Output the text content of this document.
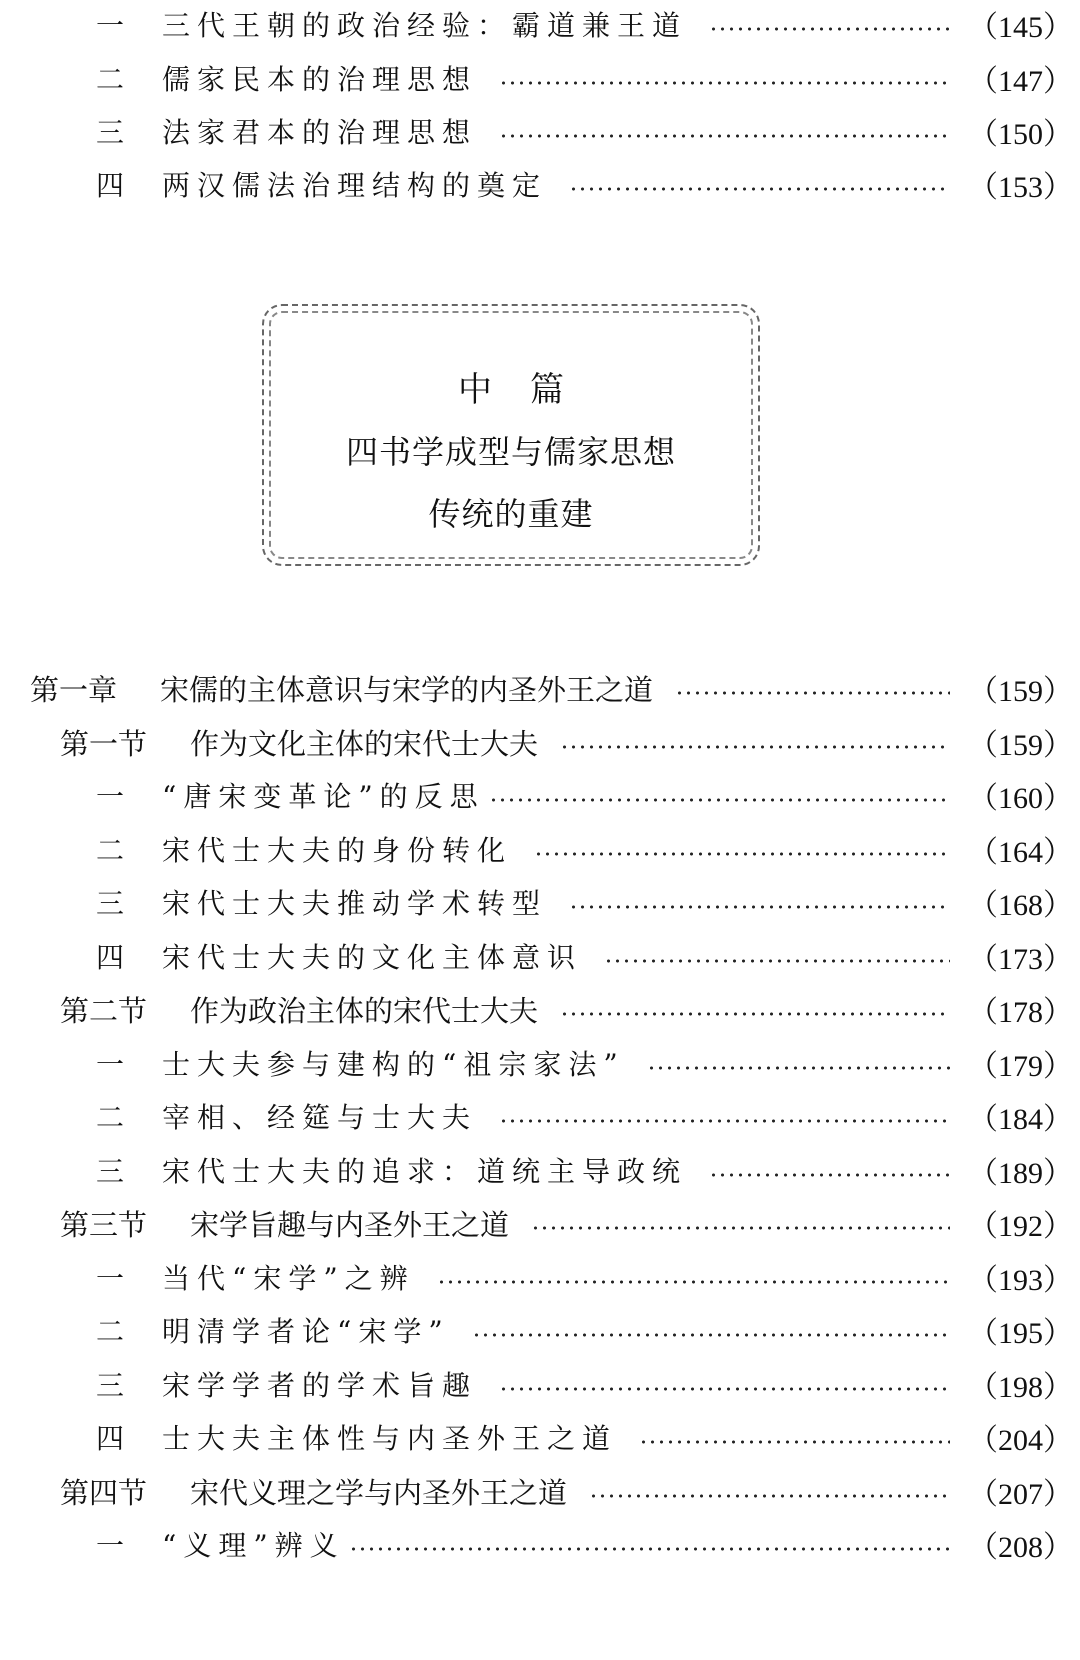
一	三代王朝的政治经验：霸道兼王道	（145）
二	儒家民本的治理思想	（147）
三	法家君本的治理思想	（150）
四	两汉儒法治理结构的奠定	（153）
中篇
四书学成型与儒家思想
传统的重建
第一章	宋儒的主体意识与宋学的内圣外王之道	（159）
第一节	作为文化主体的宋代士大夫	（159）
一	“唐宋变革论”的反思	（160）
二	宋代士大夫的身份转化	（164）
三	宋代士大夫推动学术转型	（168）
四	宋代士大夫的文化主体意识	（173）
第二节	作为政治主体的宋代士大夫	（178）
一	士大夫参与建构的“祖宗家法”	（179）
二	宰相、经筵与士大夫	（184）
三	宋代士大夫的追求：道统主导政统	（189）
第三节	宋学旨趣与内圣外王之道	（192）
一	当代“宋学”之辨	（193）
二	明清学者论“宋学”	（195）
三	宋学学者的学术旨趣	（198）
四	士大夫主体性与内圣外王之道	（204）
第四节	宋代义理之学与内圣外王之道	（207）
一	“义理”辨义	（208）
